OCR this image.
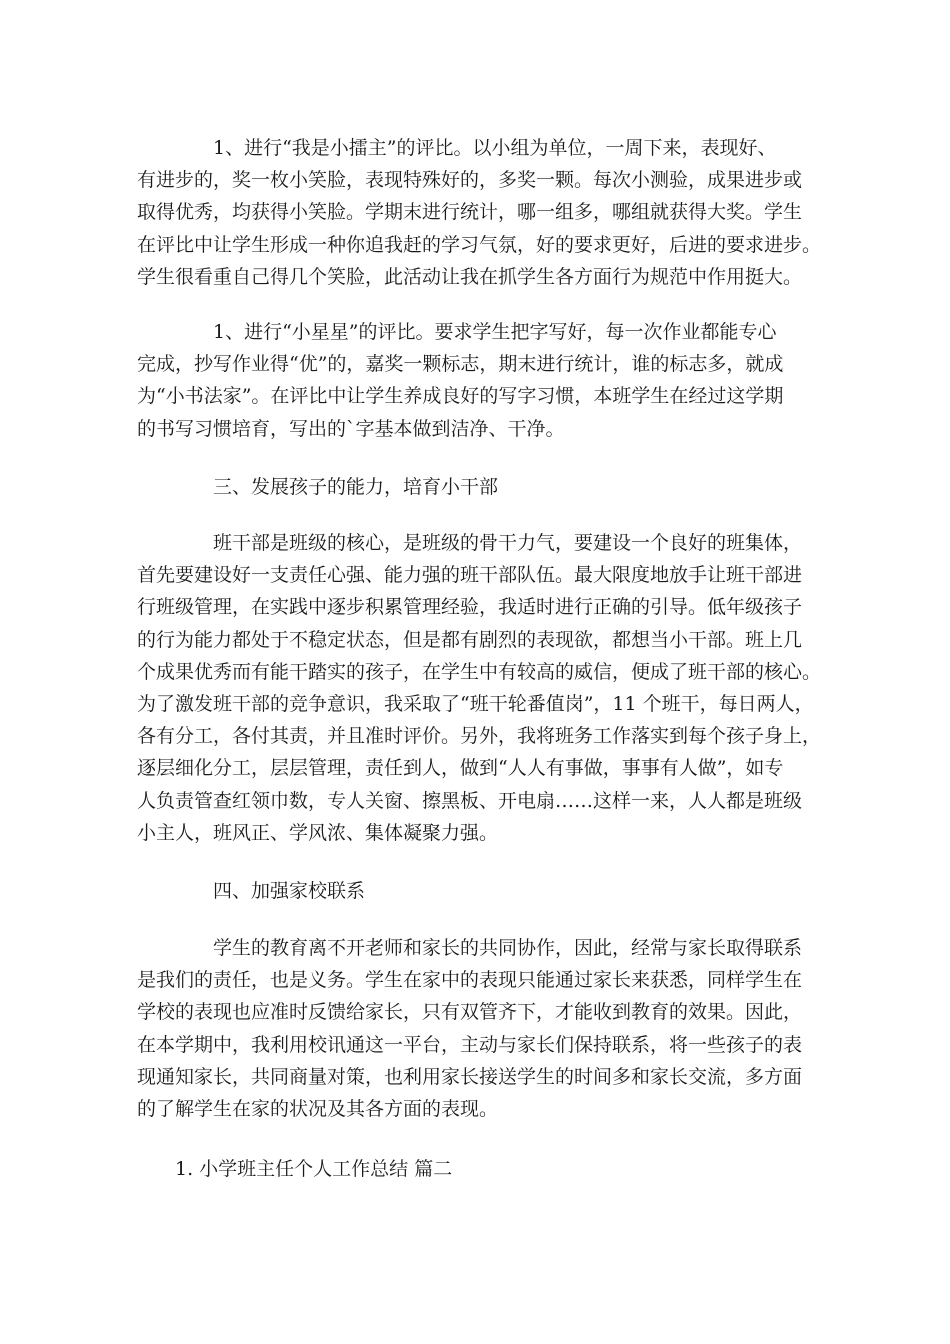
1、进行“我是小擂主”的评比。以小组为单位，一周下来，表现好、
有进步的，奖一枚小笑脸，表现特殊好的，多奖一颗。每次小测验，成果进步或
取得优秀，均获得小笑脸。学期末进行统计，哪一组多，哪组就获得大奖。学生
在评比中让学生形成一种你追我赶的学习气氛，好的要求更好，后进的要求进步。
学生很看重自己得几个笑脸，此活动让我在抓学生各方面行为规范中作用挺大。
1、进行“小星星”的评比。要求学生把字写好，每一次作业都能专心
完成，抄写作业得“优”的，嘉奖一颗标志，期末进行统计，谁的标志多，就成
为“小书法家”。在评比中让学生养成良好的写字习惯，本班学生在经过这学期
的书写习惯培育，写出的`字基本做到洁净、干净。
三、发展孩子的能力，培育小干部
班干部是班级的核心，是班级的骨干力气，要建设一个良好的班集体，
首先要建设好一支责任心强、能力强的班干部队伍。最大限度地放手让班干部进
行班级管理，在实践中逐步积累管理经验，我适时进行正确的引导。低年级孩子
的行为能力都处于不稳定状态，但是都有剧烈的表现欲，都想当小干部。班上几
个成果优秀而有能干踏实的孩子，在学生中有较高的威信，便成了班干部的核心。
为了激发班干部的竞争意识，我采取了“班干轮番值岗”，11 个班干，每日两人，
各有分工，各付其责，并且准时评价。另外，我将班务工作落实到每个孩子身上，
逐层细化分工，层层管理，责任到人，做到“人人有事做，事事有人做”，如专
人负责管查红领巾数，专人关窗、擦黑板、开电扇……这样一来，人人都是班级
小主人，班风正、学风浓、集体凝聚力强。
四、加强家校联系
学生的教育离不开老师和家长的共同协作，因此，经常与家长取得联系
是我们的责任，也是义务。学生在家中的表现只能通过家长来获悉，同样学生在
学校的表现也应准时反馈给家长，只有双管齐下，才能收到教育的效果。因此，
在本学期中，我利用校讯通这一平台，主动与家长们保持联系，将一些孩子的表
现通知家长，共同商量对策，也利用家长接送学生的时间多和家长交流，多方面
的了解学生在家的状况及其各方面的表现。
1. 小学班主任个人工作总结 篇二
